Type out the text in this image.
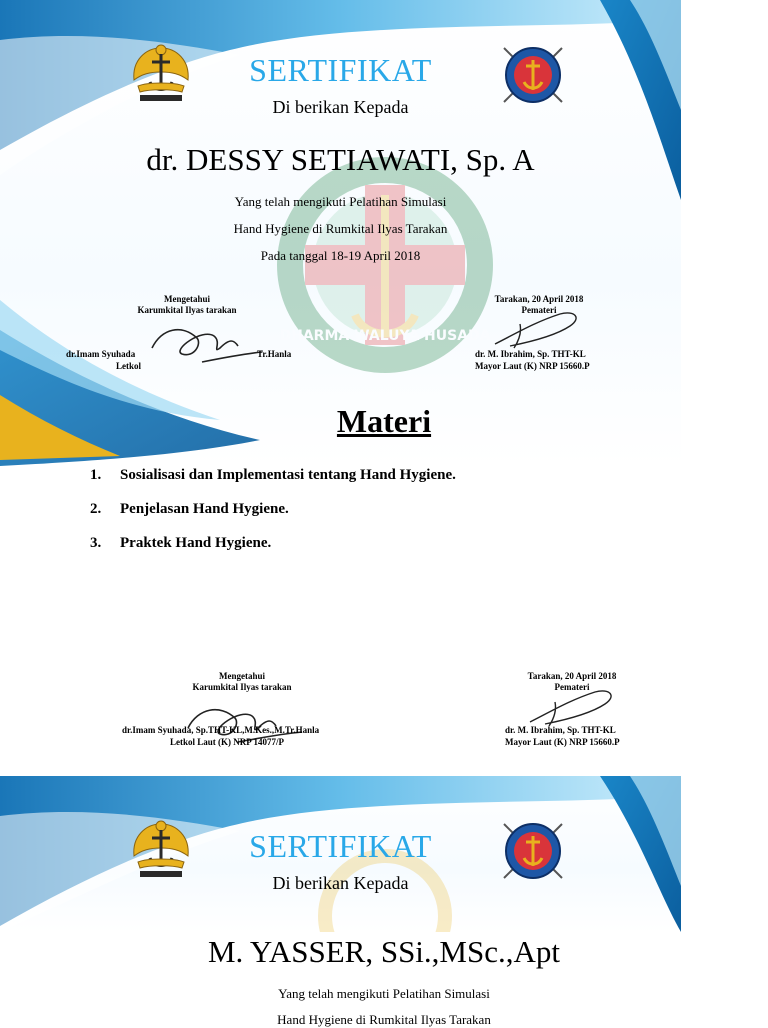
DHARMA WALUYA HUSADA
SERTIFIKAT
Di berikan Kepada
dr. DESSY SETIAWATI, Sp. A
Yang telah mengikuti Pelatihan Simulasi
Hand Hygiene di Rumkital Ilyas Tarakan
Pada tanggal 18-19 April 2018
Mengetahui
Karumkital Ilyas tarakan
dr.Imam Syuhada	Tr.Hanla
Letkol
Tarakan, 20 April 2018
Pemateri
dr. M. Ibrahim, Sp. THT-KL
Mayor Laut (K) NRP 15660.P
Materi
1.	Sosialisasi dan Implementasi tentang Hand Hygiene.
2.	Penjelasan Hand Hygiene.
3.	Praktek Hand Hygiene.
Mengetahui
Karumkital Ilyas tarakan
dr.Imam Syuhada, Sp.THT-KL,M.Kes.,M.Tr.Hanla
Letkol Laut (K) NRP 14077/P
Tarakan, 20 April 2018
Pemateri
dr. M. Ibrahim, Sp. THT-KL
Mayor Laut (K) NRP 15660.P
SERTIFIKAT
Di berikan Kepada
M. YASSER, SSi.,MSc.,Apt
Yang telah mengikuti Pelatihan Simulasi
Hand Hygiene di Rumkital Ilyas Tarakan
